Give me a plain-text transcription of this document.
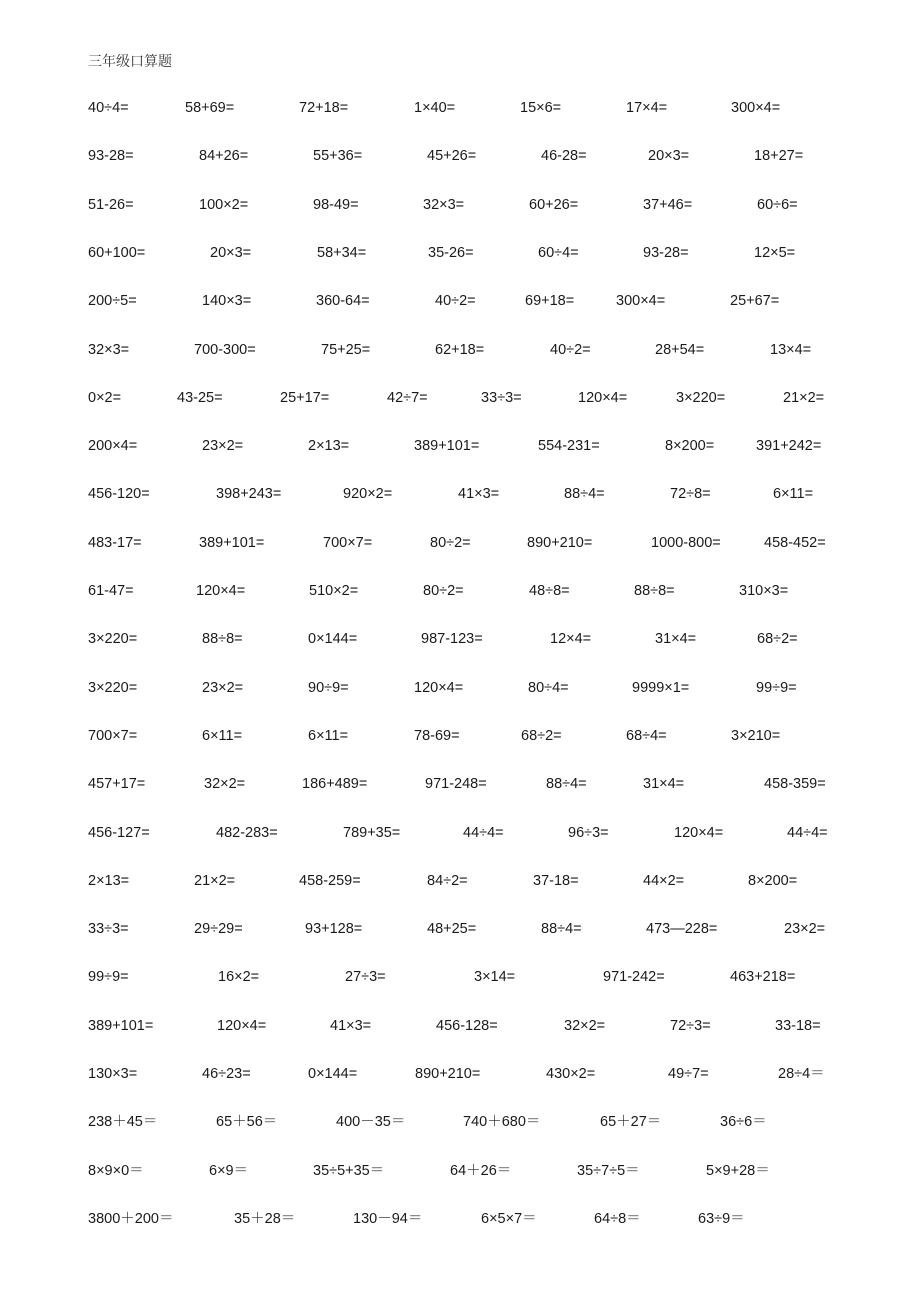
三年级口算题
40÷4=	58+69=	72+18=	1×40=	15×6=	17×4=	300×4=
93-28=	84+26=	55+36=	45+26=	46-28=	20×3=	18+27=
51-26=	100×2=	98-49=	32×3=	60+26=	37+46=	60÷6=
60+100=	20×3=	58+34=	35-26=	60÷4=	93-28=	12×5=
200÷5=	140×3=	360-64=	40÷2=	69+18=	300×4=	25+67=
32×3=	700-300=	75+25=	62+18=	40÷2=	28+54=	13×4=
0×2=	43-25=	25+17=	42÷7=	33÷3=	120×4=	3×220=	21×2=
200×4=	23×2=	2×13=	389+101=	554-231=	8×200=	391+242=
456-120=	398+243=	920×2=	41×3=	88÷4=	72÷8=	6×11=
483-17=	389+101=	700×7=	80÷2=	890+210=	1000-800=	458-452=
61-47=	120×4=	510×2=	80÷2=	48÷8=	88÷8=	310×3=
3×220=	88÷8=	0×144=	987-123=	12×4=	31×4=	68÷2=
3×220=	23×2=	90÷9=	120×4=	80÷4=	9999×1=	99÷9=
700×7=	6×11=	6×11=	78-69=	68÷2=	68÷4=	3×210=
457+17=	32×2=	186+489=	971-248=	88÷4=	31×4=	458-359=
456-127=	482-283=	789+35=	44÷4=	96÷3=	120×4=	44÷4=
2×13=	21×2=	458-259=	84÷2=	37-18=	44×2=	8×200=
33÷3=	29÷29=	93+128=	48+25=	88÷4=	473—228=	23×2=
99÷9=	16×2=	27÷3=	3×14=	971-242=	463+218=
389+101=	120×4=	41×3=	456-128=	32×2=	72÷3=	33-18=
130×3=	46÷23=	0×144=	890+210=	430×2=	49÷7=	28÷4＝
238＋45＝	65＋56＝	400－35＝	740＋680＝	65＋27＝	36÷6＝
8×9×0＝	6×9＝	35÷5+35＝	64＋26＝	35÷7÷5＝	5×9+28＝
3800＋200＝	35＋28＝	130－94＝	6×5×7＝	64÷8＝	63÷9＝
